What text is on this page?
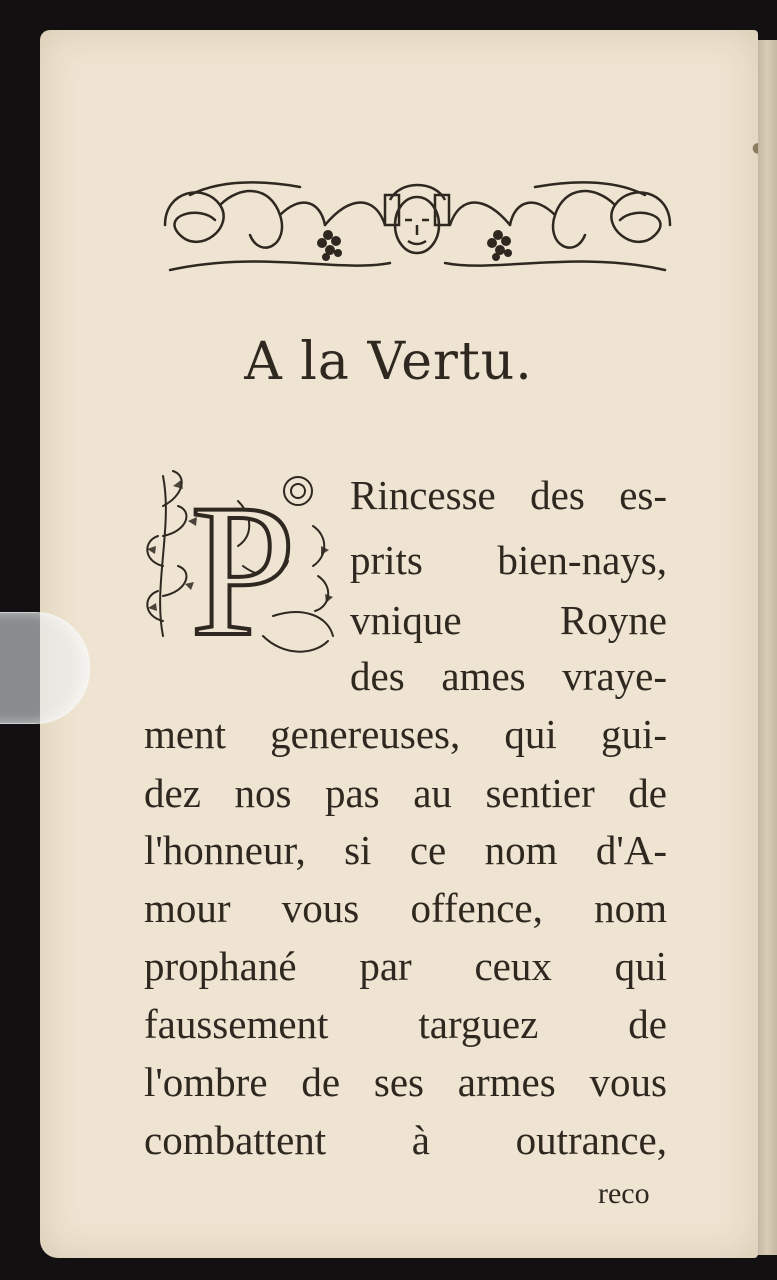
◖
A la Vertu.
P Rincesse des es-
prits bien-nays,
vnique Royne
des ames vraye-
ment genereuses, qui gui-
dez nos pas au sentier de
l'honneur, si ce nom d'A-
mour vous offence, nom
prophané par ceux qui
faussement targuez de
l'ombre de ses armes vous
combattent à outrance,
reco
